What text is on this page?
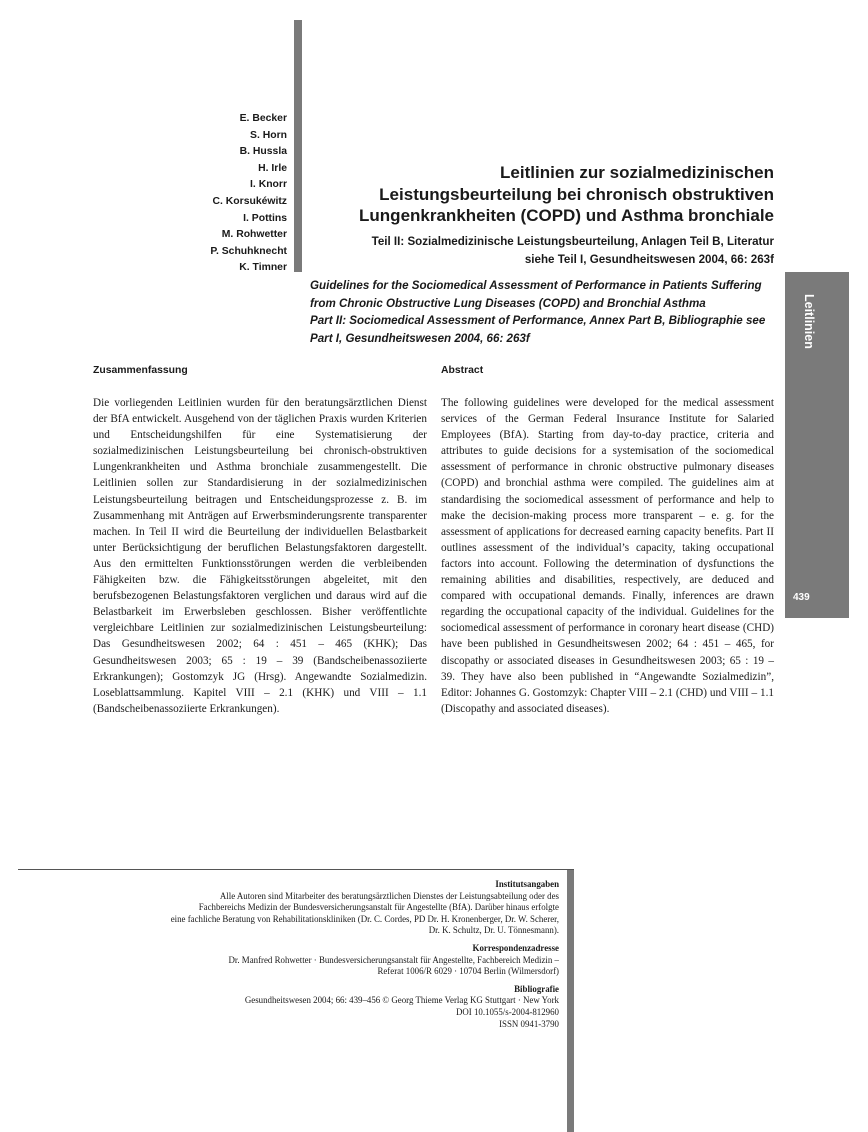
E. Becker
S. Horn
B. Hussla
H. Irle
I. Knorr
C. Korsukéwitz
I. Pottins
M. Rohwetter
P. Schuhknecht
K. Timner
Leitlinien zur sozialmedizinischen
Leistungsbeurteilung bei chronisch obstruktiven
Lungenkrankheiten (COPD) und Asthma bronchiale
Teil II: Sozialmedizinische Leistungsbeurteilung, Anlagen Teil B, Literatur
siehe Teil I, Gesundheitswesen 2004, 66: 263f
Guidelines for the Sociomedical Assessment of Performance in Patients Suffering
from Chronic Obstructive Lung Diseases (COPD) and Bronchial Asthma
Part II: Sociomedical Assessment of Performance, Annex Part B, Bibliographie see
Part I, Gesundheitswesen 2004, 66: 263f	Leitlinien
439
Zusammenfassung
Die vorliegenden Leitlinien wurden für den beratungsärztlichen Dienst der BfA entwickelt. Ausgehend von der täglichen Praxis wurden Kriterien und Entscheidungshilfen für eine Systematisierung der sozialmedizinischen Leistungsbeurteilung bei chronisch-obstruktiven Lungenkrankheiten und Asthma bronchiale zusammengestellt. Die Leitlinien sollen zur Standardisierung in der sozialmedizinischen Leistungsbeurteilung beitragen und Entscheidungsprozesse z. B. im Zusammenhang mit Anträgen auf Erwerbsminderungsrente transparenter machen. In Teil II wird die Beurteilung der individuellen Belastbarkeit unter Berücksichtigung der beruflichen Belastungsfaktoren dargestellt. Aus den ermittelten Funktionsstörungen werden die verbleibenden Fähigkeiten bzw. die Fähigkeitsstörungen abgeleitet, mit den berufsbezogenen Belastungsfaktoren verglichen und daraus wird auf die Belastbarkeit im Erwerbsleben geschlossen. Bisher veröffentlichte vergleichbare Leitlinien zur sozialmedizinischen Leistungsbeurteilung: Das Gesundheitswesen 2002; 64 : 451 – 465 (KHK); Das Gesundheitswesen 2003; 65 : 19 – 39 (Bandscheibenassoziierte Erkrankungen); Gostomzyk JG (Hrsg). Angewandte Sozialmedizin. Loseblattsammlung. Kapitel VIII – 2.1 (KHK) und VIII – 1.1 (Bandscheibenassoziierte Erkrankungen).
Abstract
The following guidelines were developed for the medical assessment services of the German Federal Insurance Institute for Salaried Employees (BfA). Starting from day-to-day practice, criteria and attributes to guide decisions for a systemisation of the sociomedical assessment of performance in chronic obstructive pulmonary diseases (COPD) and bronchial asthma were compiled. The guidelines aim at standardising the sociomedical assessment of performance and help to make the decision-making process more transparent – e. g. for the assessment of applications for decreased earning capacity benefits. Part II outlines assessment of the individual’s capacity, taking occupational factors into account. Following the determination of dysfunctions the remaining abilities and disabilities, respectively, are deduced and compared with occupational demands. Finally, inferences are drawn regarding the occupational capacity of the individual. Guidelines for the sociomedical assessment of performance in coronary heart disease (CHD) have been published in Gesundheitswesen 2002; 64 : 451 – 465, for discopathy or associated diseases in Gesundheitswesen 2003; 65 : 19 – 39. They have also been published in “Angewandte Sozialmedizin”, Editor: Johannes G. Gostomzyk: Chapter VIII – 2.1 (CHD) und VIII – 1.1 (Discopathy and associated diseases).

Institutsangaben

Alle Autoren sind Mitarbeiter des beratungsärztlichen Dienstes der Leistungsabteilung oder des

Fachbereichs Medizin der Bundesversicherungsanstalt für Angestellte (BfA). Darüber hinaus erfolgte

eine fachliche Beratung von Rehabilitationskliniken (Dr. C. Cordes, PD Dr. H. Kronenberger, Dr. W. Scherer,

Dr. K. Schultz, Dr. U. Tönnesmann).

Korrespondenzadresse

Dr. Manfred Rohwetter · Bundesversicherungsanstalt für Angestellte, Fachbereich Medizin –

Referat 1006/R 6029 · 10704 Berlin (Wilmersdorf)

Bibliografie

Gesundheitswesen 2004; 66: 439–456 © Georg Thieme Verlag KG Stuttgart · New York

DOI 10.1055/s-2004-812960

ISSN 0941-3790
